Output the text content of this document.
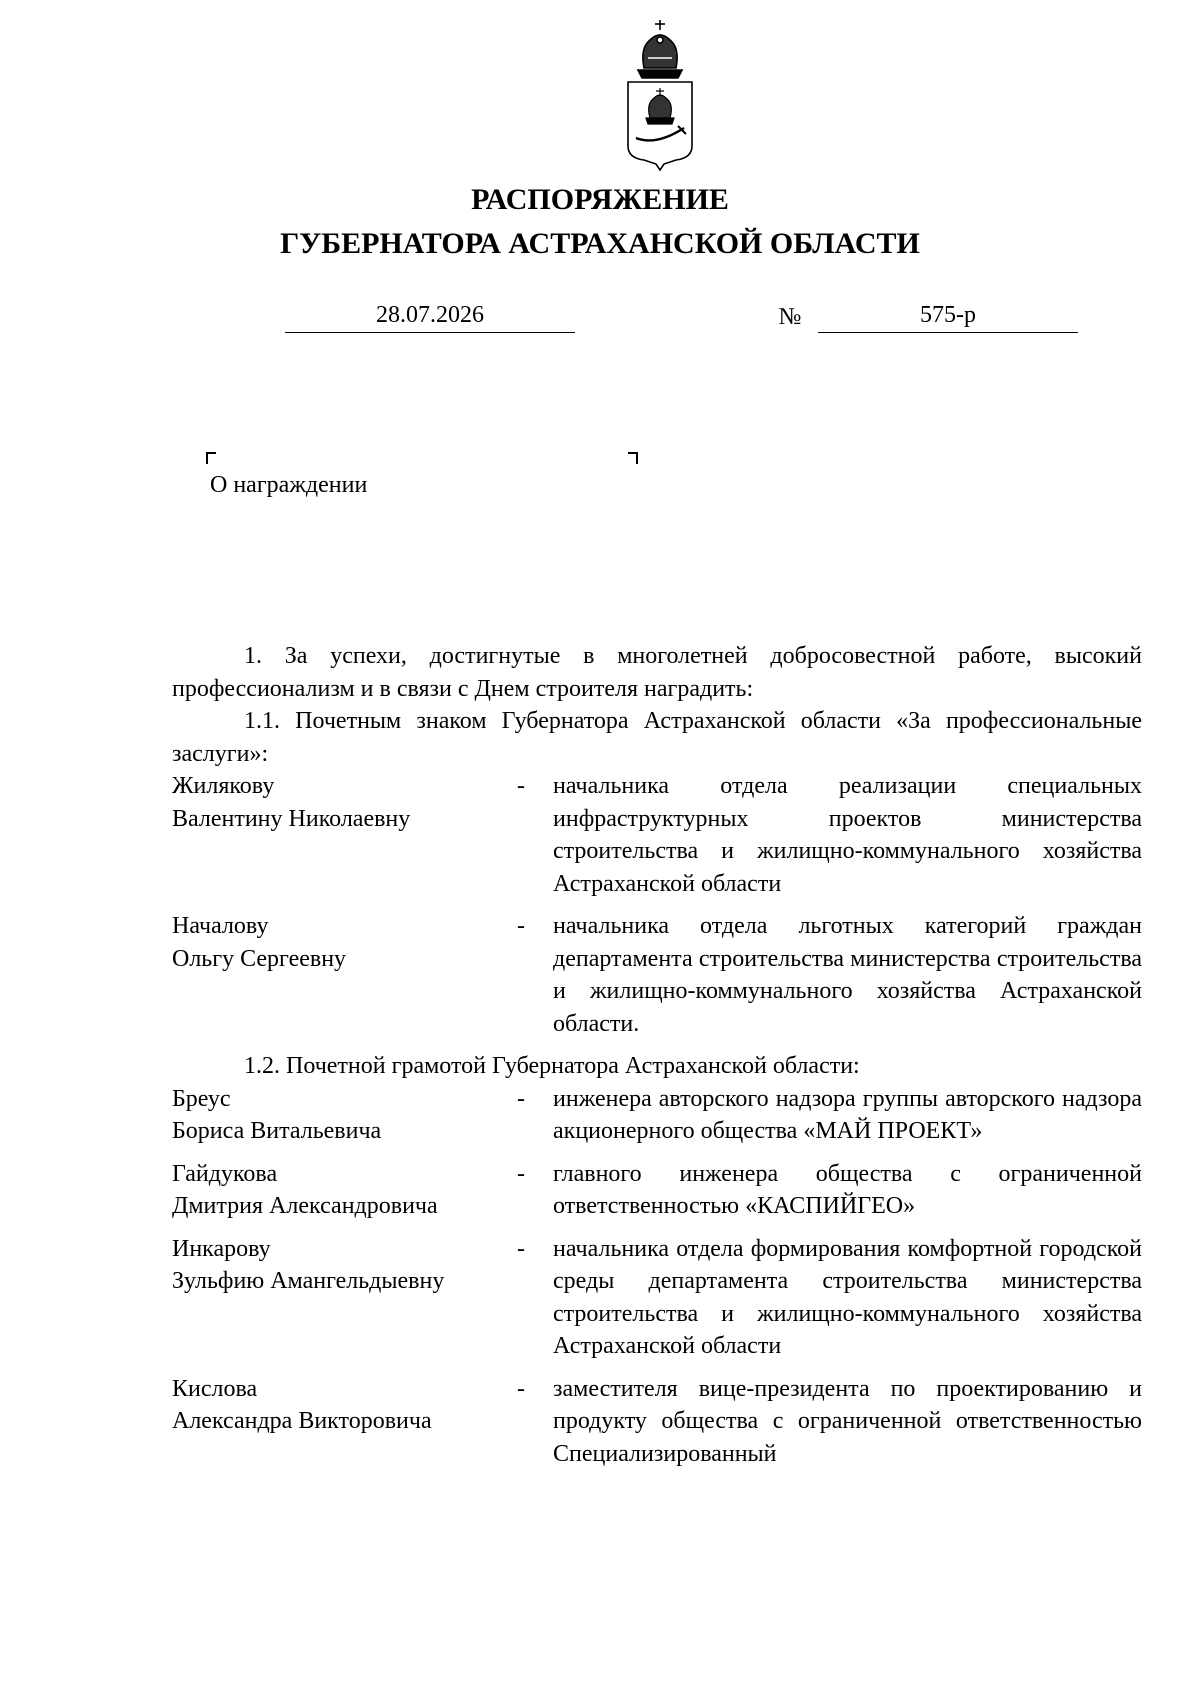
РАСПОРЯЖЕНИЕ
ГУБЕРНАТОРА АСТРАХАНСКОЙ ОБЛАСТИ
28.07.2026	№	575-р
О награждении

1. За успехи, достигнутые в многолетней добросовестной работе, высокий профессионализм и в связи с Днем строителя наградить:

1.1. Почетным знаком Губернатора Астраханской области «За профессиональные заслуги»:

Жилякову
Валентину Николаевну
-	начальника отдела реализации специальных инфраструктурных проектов министерства строительства и жилищно-коммунального хозяйства Астраханской области
Началову
Ольгу Сергеевну
-	начальника отдела льготных категорий граждан департамента строительства министерства строительства и жилищно-коммунального хозяйства Астраханской области.

1.2. Почетной грамотой Губернатора Астраханской области:

Бреус
Бориса Витальевича
-	инженера авторского надзора группы авторского надзора акционерного общества «МАЙ ПРОЕКТ»
Гайдукова
Дмитрия Александровича
-	главного инженера общества с ограниченной ответственностью «КАСПИЙГЕО»
Инкарову
Зульфию Амангельдыевну
-	начальника отдела формирования комфортной городской среды департамента строительства министерства строительства и жилищно-коммунального хозяйства Астраханской области
Кислова
Александра Викторовича
-	заместителя вице-президента по проектированию и продукту общества с ограниченной ответственностью Специализированный
